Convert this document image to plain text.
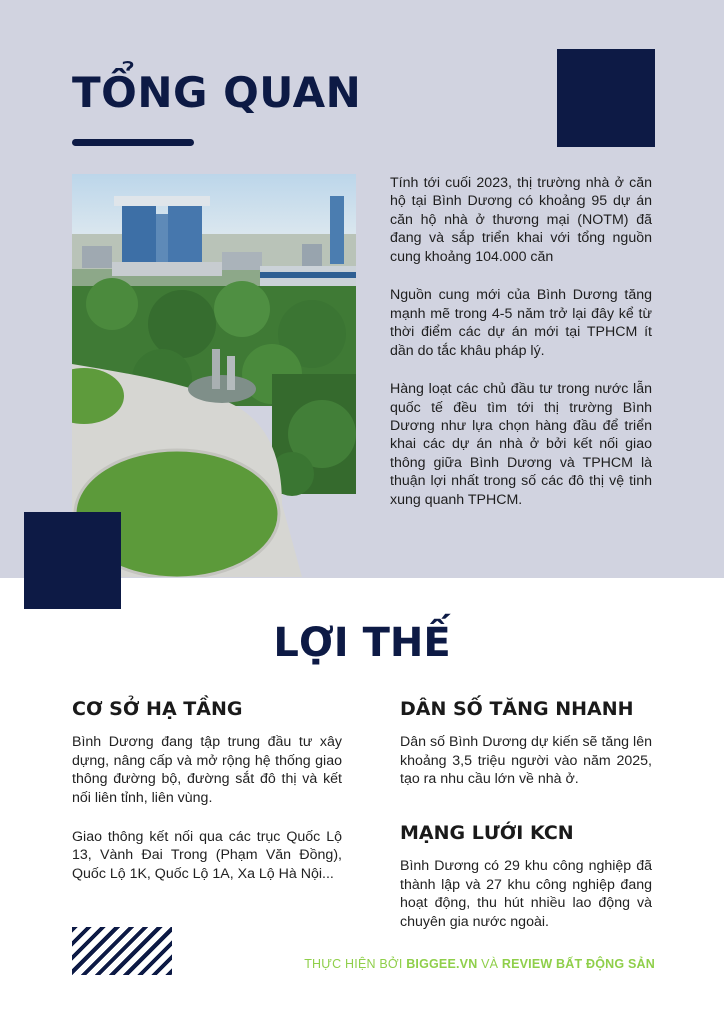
TỔNG QUAN

Tính tới cuối 2023, thị trường nhà ở căn hộ tại Bình Dương có khoảng 95 dự án căn hộ nhà ở thương mại (NOTM) đã đang và sắp triển khai với tổng nguồn cung khoảng 104.000 căn

Nguồn cung mới của Bình Dương tăng mạnh mẽ trong 4-5 năm trở lại đây kể từ thời điểm các dự án mới tại TPHCM ít dần do tắc khâu pháp lý.

Hàng loạt các chủ đầu tư trong nước lẫn quốc tế đều tìm tới thị trường Bình Dương như lựa chọn hàng đầu để triển khai các dự án nhà ở bởi kết nối giao thông giữa Bình Dương và TPHCM là thuận lợi nhất trong số các đô thị vệ tinh xung quanh TPHCM.

LỢI THẾ
CƠ SỞ HẠ TẦNG

Bình Dương đang tập trung đầu tư xây dựng, nâng cấp và mở rộng hệ thống giao thông đường bộ, đường sắt đô thị và kết nối liên tỉnh, liên vùng.

Giao thông kết nối qua các trục Quốc Lộ 13, Vành Đai Trong (Phạm Văn Đồng), Quốc Lộ 1K, Quốc Lộ 1A, Xa Lộ Hà Nội...

DÂN SỐ TĂNG NHANH

Dân số Bình Dương dự kiến sẽ tăng lên khoảng 3,5 triệu người vào năm 2025, tạo ra nhu cầu lớn về nhà ở.

MẠNG LƯỚI KCN

Bình Dương có 29 khu công nghiệp đã thành lập và 27 khu công nghiệp đang hoạt động, thu hút nhiều lao động và chuyên gia nước ngoài.

THỰC HIỆN BỞI BIGGEE.VN VÀ REVIEW BẤT ĐỘNG SẢN
